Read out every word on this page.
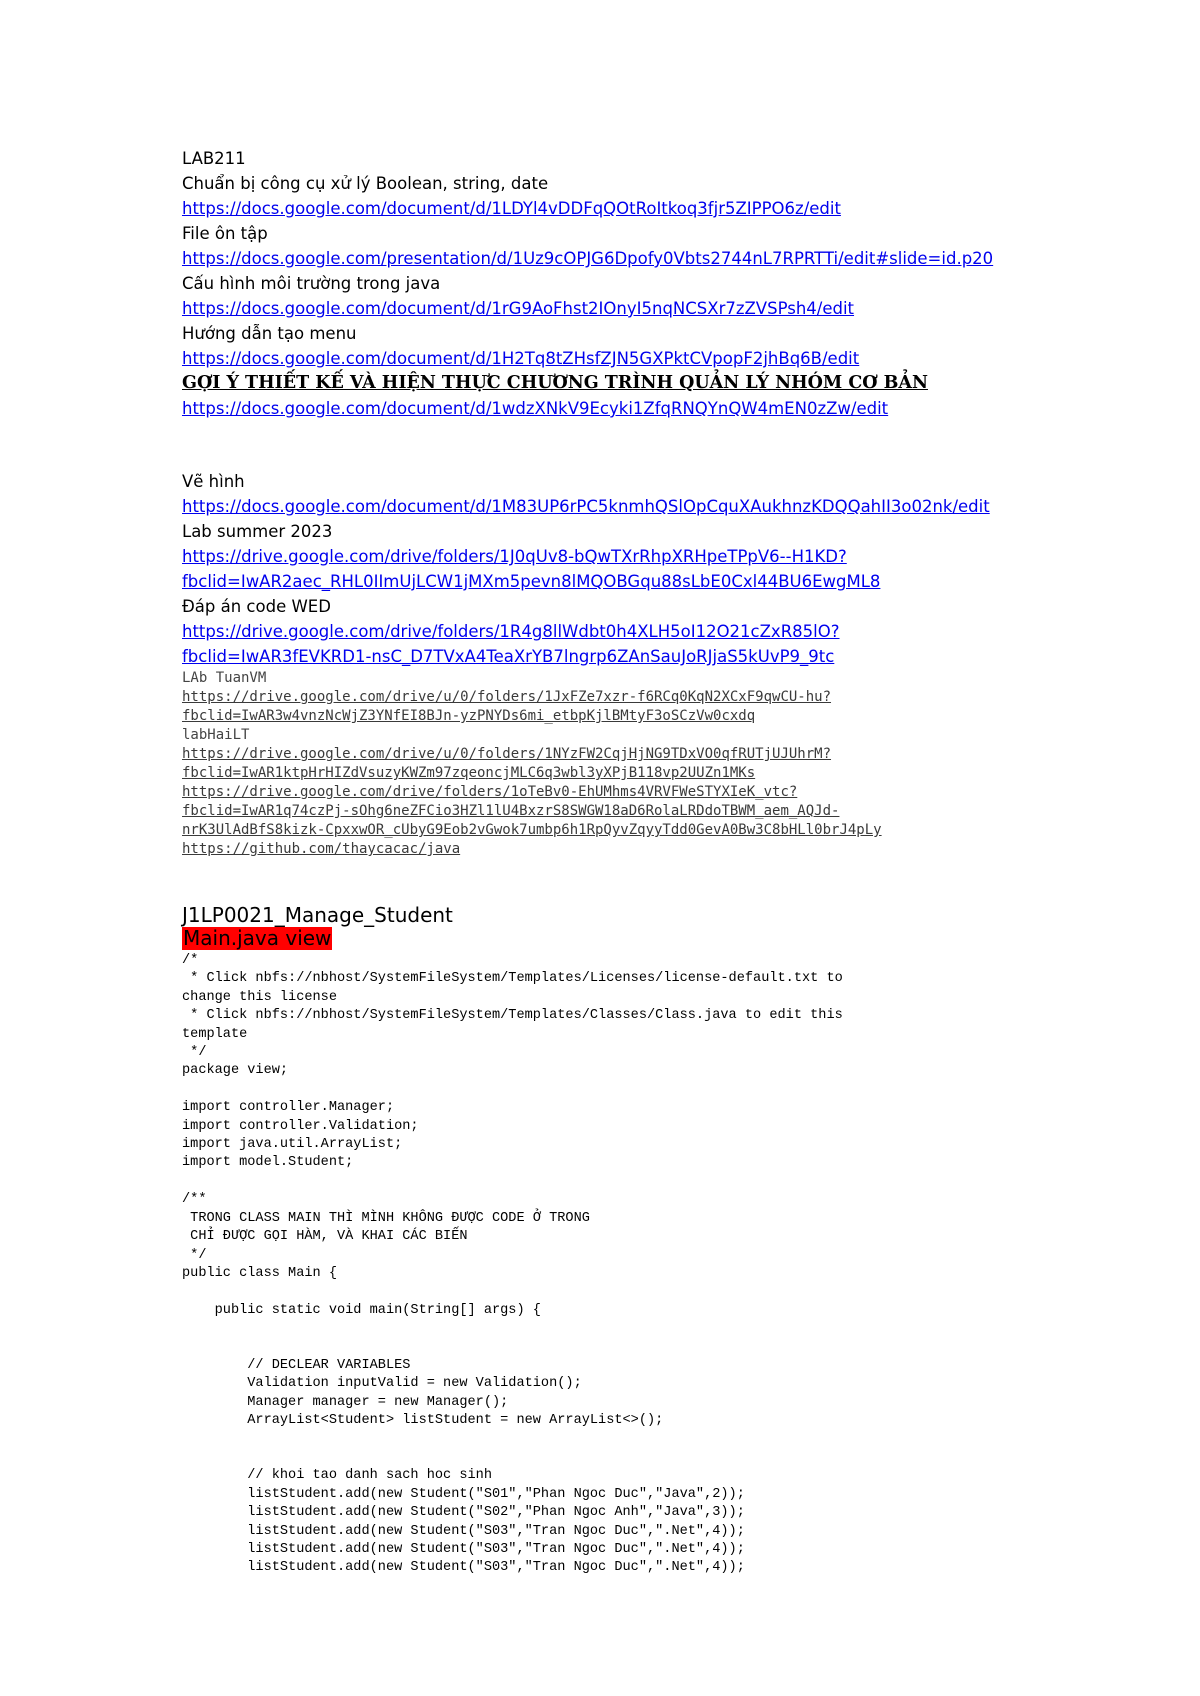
LAB211
Chuẩn bị công cụ xử lý Boolean, string, date
https://docs.google.com/document/d/1LDYl4vDDFqQOtRoItkoq3fjr5ZIPPO6z/edit
File ôn tập
https://docs.google.com/presentation/d/1Uz9cOPJG6Dpofy0Vbts2744nL7RPRTTi/edit#slide=id.p20
Cấu hình môi trường trong java
https://docs.google.com/document/d/1rG9AoFhst2IOnyI5nqNCSXr7zZVSPsh4/edit
Hướng dẫn tạo menu
https://docs.google.com/document/d/1H2Tq8tZHsfZJN5GXPktCVpopF2jhBq6B/edit
GỢI Ý THIẾT KẾ VÀ HIỆN THỰC CHƯƠNG TRÌNH QUẢN LÝ NHÓM CƠ BẢN
https://docs.google.com/document/d/1wdzXNkV9Ecyki1ZfqRNQYnQW4mEN0zZw/edit
Vẽ hình
https://docs.google.com/document/d/1M83UP6rPC5knmhQSlOpCquXAukhnzKDQQahII3o02nk/edit
Lab summer 2023
https://drive.google.com/drive/folders/1J0qUv8-bQwTXrRhpXRHpeTPpV6--H1KD?
fbclid=IwAR2aec_RHL0IImUjLCW1jMXm5pevn8lMQOBGqu88sLbE0Cxl44BU6EwgML8
Đáp án code WED
https://drive.google.com/drive/folders/1R4g8llWdbt0h4XLH5oI12O21cZxR85lO?
fbclid=IwAR3fEVKRD1-nsC_D7TVxA4TeaXrYB7lngrp6ZAnSauJoRJjaS5kUvP9_9tc
LAb TuanVM
https://drive.google.com/drive/u/0/folders/1JxFZe7xzr-f6RCq0KqN2XCxF9qwCU-hu?
fbclid=IwAR3w4vnzNcWjZ3YNfEI8BJn-yzPNYDs6mi_etbpKjlBMtyF3oSCzVw0cxdq
labHaiLT
https://drive.google.com/drive/u/0/folders/1NYzFW2CqjHjNG9TDxVO0qfRUTjUJUhrM?
fbclid=IwAR1ktpHrHIZdVsuzyKWZm97zqeoncjMLC6q3wbl3yXPjB118vp2UUZn1MKs
https://drive.google.com/drive/folders/1oTeBv0-EhUMhms4VRVFWeSTYXIeK_vtc?
fbclid=IwAR1q74czPj-sOhg6neZFCio3HZl1lU4BxzrS8SWGW18aD6RolaLRDdoTBWM_aem_AQJd-
nrK3UlAdBfS8kizk-CpxxwOR_cUbyG9Eob2vGwok7umbp6h1RpQyvZqyyTdd0GevA0Bw3C8bHLl0brJ4pLy
https://github.com/thaycacac/java
J1LP0021_Manage_Student
Main.java view
/*
* Click nbfs://nbhost/SystemFileSystem/Templates/Licenses/license-default.txt to
change this license
* Click nbfs://nbhost/SystemFileSystem/Templates/Classes/Class.java to edit this
template
*/
package view;

import controller.Manager;
import controller.Validation;
import java.util.ArrayList;
import model.Student;

/**
TRONG CLASS MAIN THÌ MÌNH KHÔNG ĐƯỢC CODE Ở TRONG
CHỈ ĐƯỢC GỌI HÀM, VÀ KHAI CÁC BIẾN
*/
public class Main {

public static void main(String[] args) {

// DECLEAR VARIABLES
Validation inputValid = new Validation();
Manager manager = new Manager();
ArrayList<Student> listStudent = new ArrayList<>();

// khoi tao danh sach hoc sinh
listStudent.add(new Student("S01","Phan Ngoc Duc","Java",2));
listStudent.add(new Student("S02","Phan Ngoc Anh","Java",3));
listStudent.add(new Student("S03","Tran Ngoc Duc",".Net",4));
listStudent.add(new Student("S03","Tran Ngoc Duc",".Net",4));
listStudent.add(new Student("S03","Tran Ngoc Duc",".Net",4));
